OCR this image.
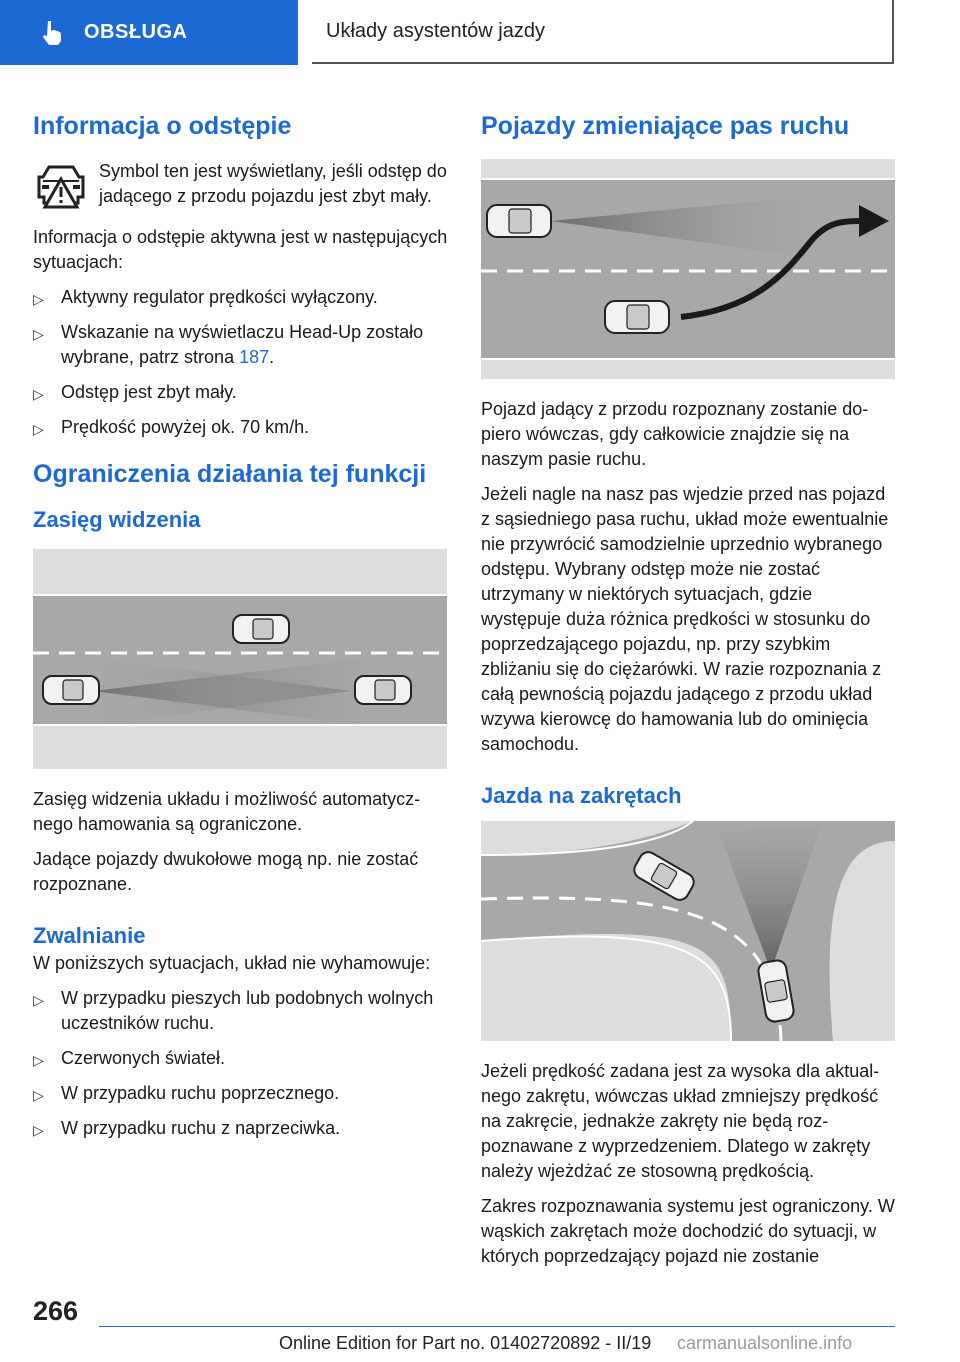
OBSŁUGA	Układy asystentów jazdy
Informacja o odstępie

Symbol ten jest wyświetlany, jeśli odstęp do jadącego z przodu pojazdu jest zbyt mały.

Informacja o odstępie aktywna jest w następujących sytuacjach:

▷ Aktywny regulator prędkości wyłączony.
▷ Wskazanie na wyświetlaczu Head-Up zostało wybrane, patrz strona 187.
▷ Odstęp jest zbyt mały.
▷ Prędkość powyżej ok. 70 km/h.
Ograniczenia działania tej funkcji
Zasięg widzenia

Zasięg widzenia układu i możliwość automatycznego hamowania są ograniczone.

Jadące pojazdy dwukołowe mogą np. nie zostać rozpoznane.

Zwalnianie

W poniższych sytuacjach, układ nie wyhamowuje:

▷ W przypadku pieszych lub podobnych wolnych uczestników ruchu.
▷ Czerwonych świateł.
▷ W przypadku ruchu poprzecznego.
▷ W przypadku ruchu z naprzeciwka.
Pojazdy zmieniające pas ruchu

Pojazd jadący z przodu rozpoznany zostanie dopiero wówczas, gdy całkowicie znajdzie się na naszym pasie ruchu.

Jeżeli nagle na nasz pas wjedzie przed nas pojazd z sąsiedniego pasa ruchu, układ może ewentualnie nie przywrócić samodzielnie uprzednio wybranego odstępu. Wybrany odstęp może nie zostać utrzymany w niektórych sytuacjach, gdzie występuje duża różnica prędkości w stosunku do poprzedzającego pojazdu, np. przy szybkim zbliżaniu się do ciężarówki. W razie rozpoznania z całą pewnością pojazdu jadącego z przodu układ wzywa kierowcę do hamowania lub do ominięcia samochodu.

Jazda na zakrętach

Jeżeli prędkość zadana jest za wysoka dla aktualnego zakrętu, wówczas układ zmniejszy prędkość na zakręcie, jednakże zakręty nie będą rozpoznawane z wyprzedzeniem. Dlatego w zakręty należy wjeżdżać ze stosowną prędkością.

Zakres rozpoznawania systemu jest ograniczony. W wąskich zakrętach może dochodzić do sytuacji, w których poprzedzający pojazd nie zostanie

266
Online Edition for Part no. 01402720892 - II/19 carmanualsonline.info
